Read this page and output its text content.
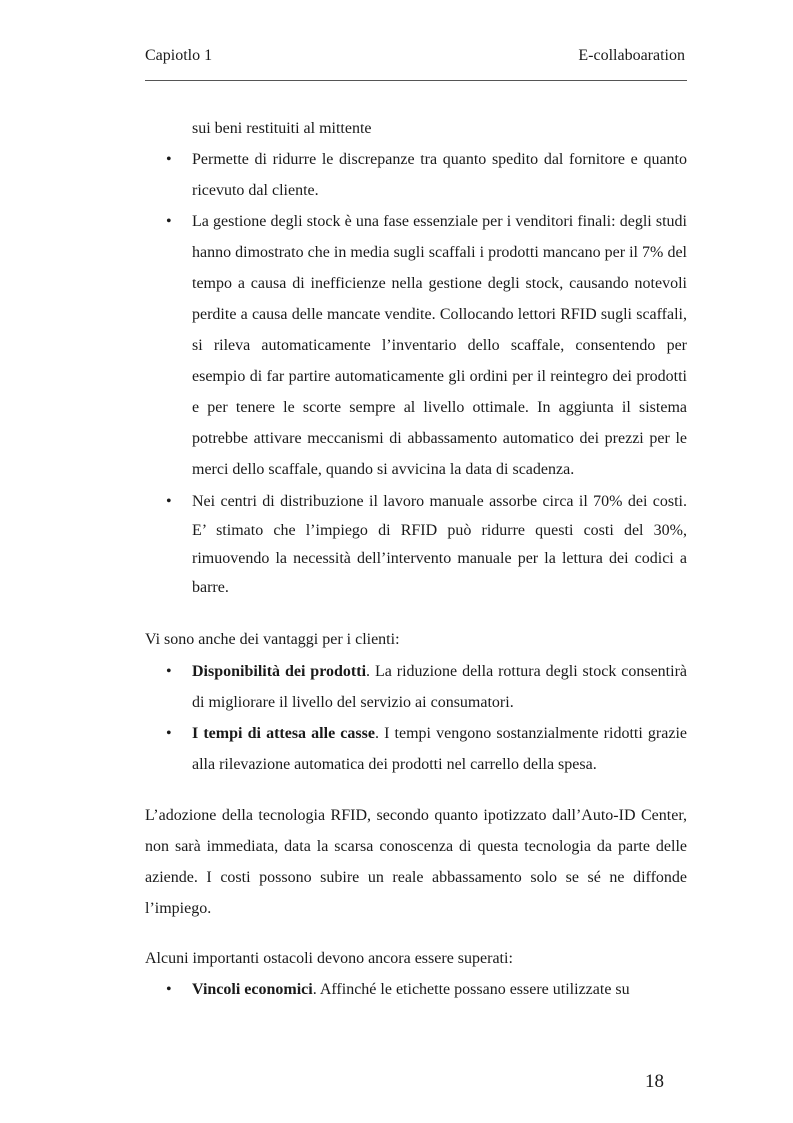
Capiotlo 1	E-collaboaration
sui beni restituiti al mittente
• Permette di ridurre le discrepanze tra quanto spedito dal fornitore e quanto ricevuto dal cliente.
• La gestione degli stock è una fase essenziale per i venditori finali: degli studi hanno dimostrato che in media sugli scaffali i prodotti mancano per il 7% del tempo a causa di inefficienze nella gestione degli stock, causando notevoli perdite a causa delle mancate vendite. Collocando lettori RFID sugli scaffali, si rileva automaticamente l’inventario dello scaffale, consentendo per esempio di far partire automaticamente gli ordini per il reintegro dei prodotti e per tenere le scorte sempre al livello ottimale. In aggiunta il sistema potrebbe attivare meccanismi di abbassamento automatico dei prezzi per le merci dello scaffale, quando si avvicina la data di scadenza.
• Nei centri di distribuzione il lavoro manuale assorbe circa il 70% dei costi. E’ stimato che l’impiego di RFID può ridurre questi costi del 30%, rimuovendo la necessità dell’intervento manuale per la lettura dei codici a barre.

Vi sono anche dei vantaggi per i clienti:

• Disponibilità dei prodotti. La riduzione della rottura degli stock consentirà di migliorare il livello del servizio ai consumatori.
• I tempi di attesa alle casse. I tempi vengono sostanzialmente ridotti grazie alla rilevazione automatica dei prodotti nel carrello della spesa.

L’adozione della tecnologia RFID, secondo quanto ipotizzato dall’Auto-ID Center, non sarà immediata, data la scarsa conoscenza di questa tecnologia da parte delle aziende. I costi possono subire un reale abbassamento solo se sé ne diffonde l’impiego.

Alcuni importanti ostacoli devono ancora essere superati:

• Vincoli economici. Affinché le etichette possano essere utilizzate su
18
